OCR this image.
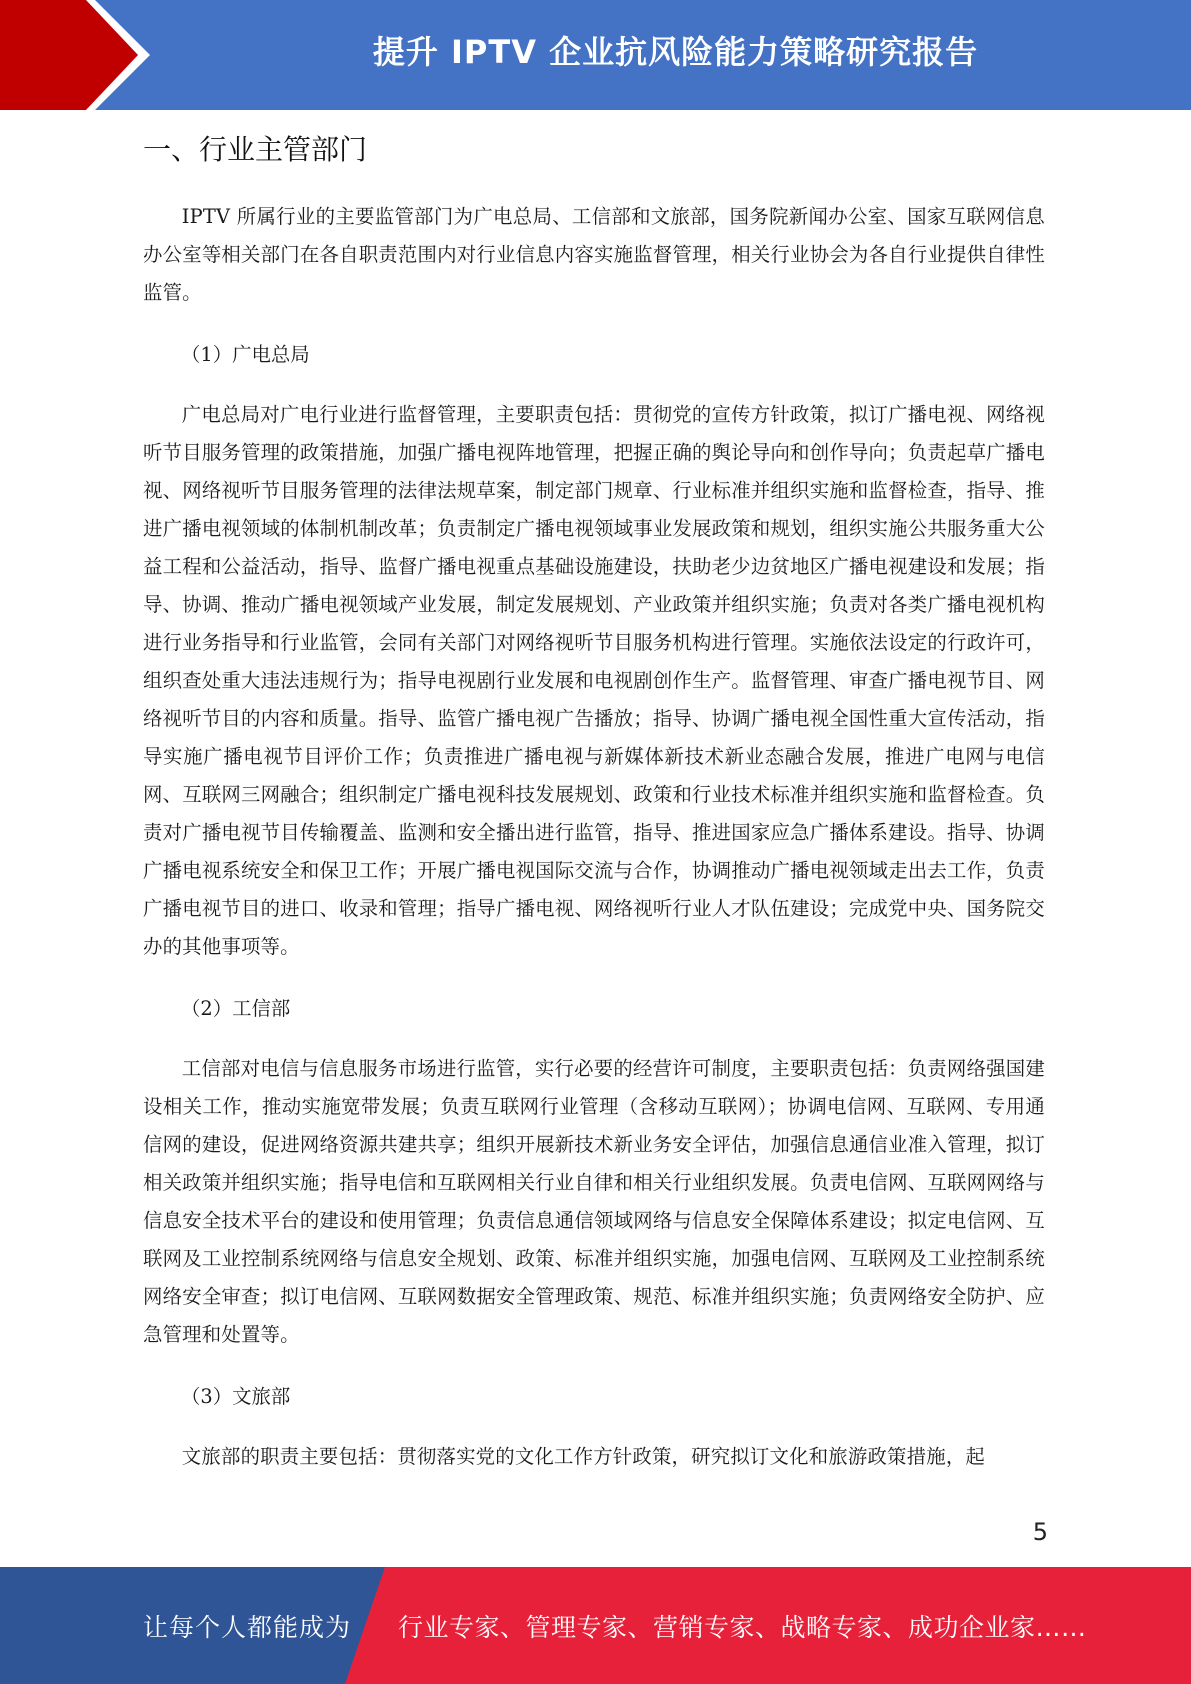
提升 IPTV 企业抗风险能力策略研究报告
一、行业主管部门

IPTV 所属行业的主要监管部门为广电总局、工信部和文旅部，国务院新闻办公室、国家互联网信息办公室等相关部门在各自职责范围内对行业信息内容实施监督管理，相关行业协会为各自行业提供自律性监管。

（1）广电总局

广电总局对广电行业进行监督管理，主要职责包括：贯彻党的宣传方针政策，拟订广播电视、网络视听节目服务管理的政策措施，加强广播电视阵地管理，把握正确的舆论导向和创作导向；负责起草广播电视、网络视听节目服务管理的法律法规草案，制定部门规章、行业标准并组织实施和监督检查，指导、推进广播电视领域的体制机制改革；负责制定广播电视领域事业发展政策和规划，组织实施公共服务重大公益工程和公益活动，指导、监督广播电视重点基础设施建设，扶助老少边贫地区广播电视建设和发展；指导、协调、推动广播电视领域产业发展，制定发展规划、产业政策并组织实施；负责对各类广播电视机构进行业务指导和行业监管，会同有关部门对网络视听节目服务机构进行管理。实施依法设定的行政许可，组织查处重大违法违规行为；指导电视剧行业发展和电视剧创作生产。监督管理、审查广播电视节目、网络视听节目的内容和质量。指导、监管广播电视广告播放；指导、协调广播电视全国性重大宣传活动，指导实施广播电视节目评价工作；负责推进广播电视与新媒体新技术新业态融合发展，推进广电网与电信网、互联网三网融合；组织制定广播电视科技发展规划、政策和行业技术标准并组织实施和监督检查。负责对广播电视节目传输覆盖、监测和安全播出进行监管，指导、推进国家应急广播体系建设。指导、协调广播电视系统安全和保卫工作；开展广播电视国际交流与合作，协调推动广播电视领域走出去工作，负责广播电视节目的进口、收录和管理；指导广播电视、网络视听行业人才队伍建设；完成党中央、国务院交办的其他事项等。

（2）工信部

工信部对电信与信息服务市场进行监管，实行必要的经营许可制度，主要职责包括：负责网络强国建设相关工作，推动实施宽带发展；负责互联网行业管理（含移动互联网）；协调电信网、互联网、专用通信网的建设，促进网络资源共建共享；组织开展新技术新业务安全评估，加强信息通信业准入管理，拟订相关政策并组织实施；指导电信和互联网相关行业自律和相关行业组织发展。负责电信网、互联网网络与信息安全技术平台的建设和使用管理；负责信息通信领域网络与信息安全保障体系建设；拟定电信网、互联网及工业控制系统网络与信息安全规划、政策、标准并组织实施，加强电信网、互联网及工业控制系统网络安全审查；拟订电信网、互联网数据安全管理政策、规范、标准并组织实施；负责网络安全防护、应急管理和处置等。

（3）文旅部

文旅部的职责主要包括：贯彻落实党的文化工作方针政策，研究拟订文化和旅游政策措施，起

5
让每个人都能成为 行业专家、管理专家、营销专家、战略专家、成功企业家……
